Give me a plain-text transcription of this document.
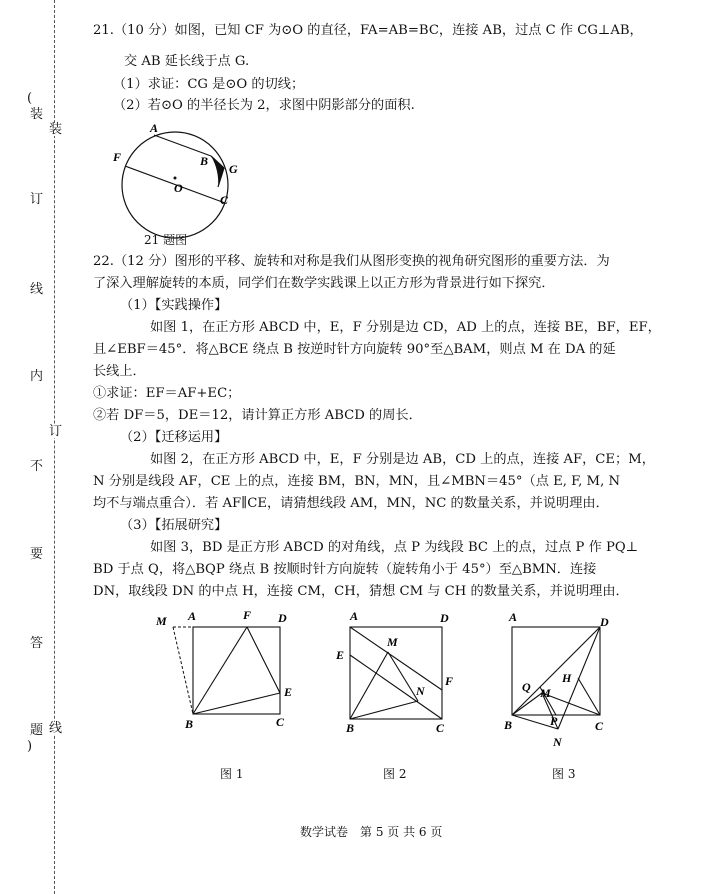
(
装
订
线
内
不
要
答
题
)
装
订
线
21.（10 分）如图，已知 CF 为⊙O 的直径，FA=AB=BC，连接 AB，过点 C 作 CG⊥AB，
交 AB 延长线于点 G.
（1）求证：CG 是⊙O 的切线；
（2）若⊙O 的半径长为 2，求图中阴影部分的面积.
A
F	B
G
O
C
21 题图
22.（12 分）图形的平移、旋转和对称是我们从图形变换的视角研究图形的重要方法．为
了深入理解旋转的本质，同学们在数学实践课上以正方形为背景进行如下探究．
（1）【实践操作】
如图 1，在正方形 ABCD 中，E，F 分别是边 CD，AD 上的点，连接 BE，BF，EF，
且∠EBF＝45°．将△BCE 绕点 B 按逆时针方向旋转 90°至△BAM，则点 M 在 DA 的延
长线上．
①求证：EF＝AF+EC；
②若 DF＝5，DE＝12，请计算正方形 ABCD 的周长．
（2）【迁移运用】
如图 2，在正方形 ABCD 中，E，F 分别是边 AB，CD 上的点，连接 AF，CE；M，
N 分别是线段 AF，CE 上的点，连接 BM，BN，MN，且∠MBN＝45°（点 E, F, M, N
均不与端点重合）．若 AF∥CE，请猜想线段 AM，MN，NC 的数量关系，并说明理由．
（3）【拓展研究】
如图 3，BD 是正方形 ABCD 的对角线，点 P 为线段 BC 上的点，过点 P 作 PQ⊥
BD 于点 Q，将△BQP 绕点 B 按顺时针方向旋转（旋转角小于 45°）至△BMN．连接
DN，取线段 DN 的中点 H，连接 CM，CH，猜想 CM 与 CH 的数量关系，并说明理由．
M A	F D
E
B	C
图 1
A	D
M
E
F
N
B	C
图 2
A	D
H
Q M
B	P	C
N
图 3
数学试卷　第 5 页 共 6 页
